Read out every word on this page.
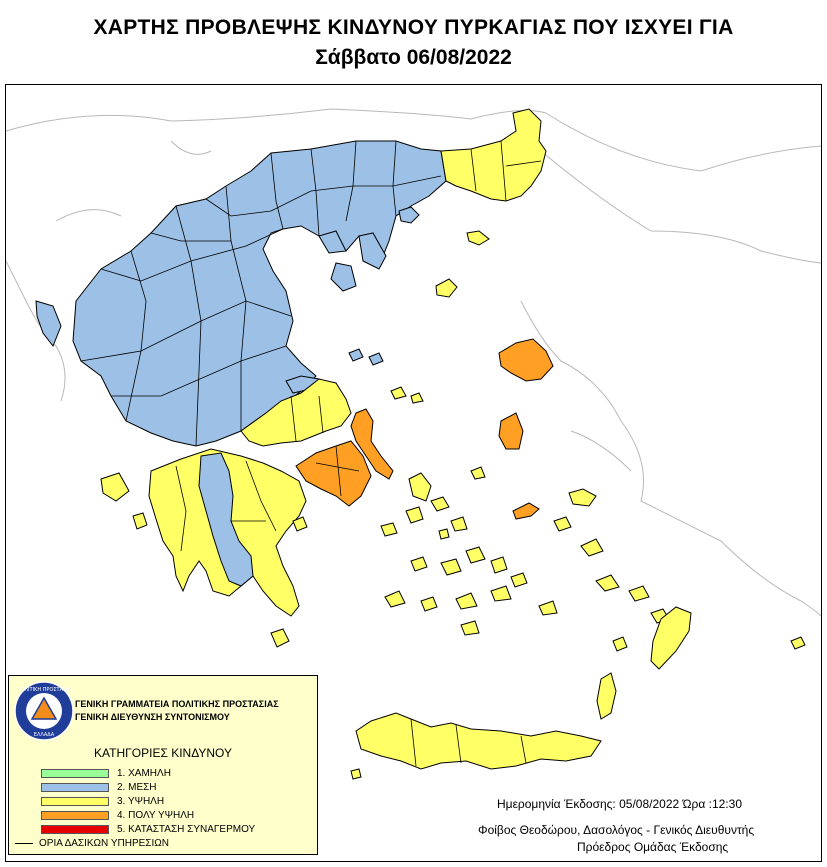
ΧΑΡΤΗΣ ΠΡΟΒΛΕΨΗΣ ΚΙΝΔΥΝΟΥ ΠΥΡΚΑΓΙΑΣ ΠΟΥ ΙΣΧΥΕΙ ΓΙΑ
Σάββατο 06/08/2022
ΠΟΛΙΤΙΚΗ ΠΡΟΣΤΑΣΙΑ
ΕΛΛΑΔΑ
ΓΕΝΙΚΗ ΓΡΑΜΜΑΤΕΙΑ ΠΟΛΙΤΙΚΗΣ ΠΡΟΣΤΑΣΙΑΣ
ΓΕΝΙΚΗ ΔΙΕΥΘΥΝΣΗ ΣΥΝΤΟΝΙΣΜΟΥ
ΚΑΤΗΓΟΡΙΕΣ ΚΙΝΔΥΝΟΥ
1. ΧΑΜΗΛΗ
2. ΜΕΣΗ
3. ΥΨΗΛΗ
4. ΠΟΛΥ ΥΨΗΛΗ
5. ΚΑΤΑΣΤΑΣΗ ΣΥΝΑΓΕΡΜΟΥ
ΟΡΙΑ ΔΑΣΙΚΩΝ ΥΠΗΡΕΣΙΩΝ
Ημερομηνία Έκδοσης: 05/08/2022 Ώρα :12:30
Φοίβος Θεοδώρου, Δασολόγος - Γενικός Διευθυντής
Πρόεδρος Ομάδας Έκδοσης
